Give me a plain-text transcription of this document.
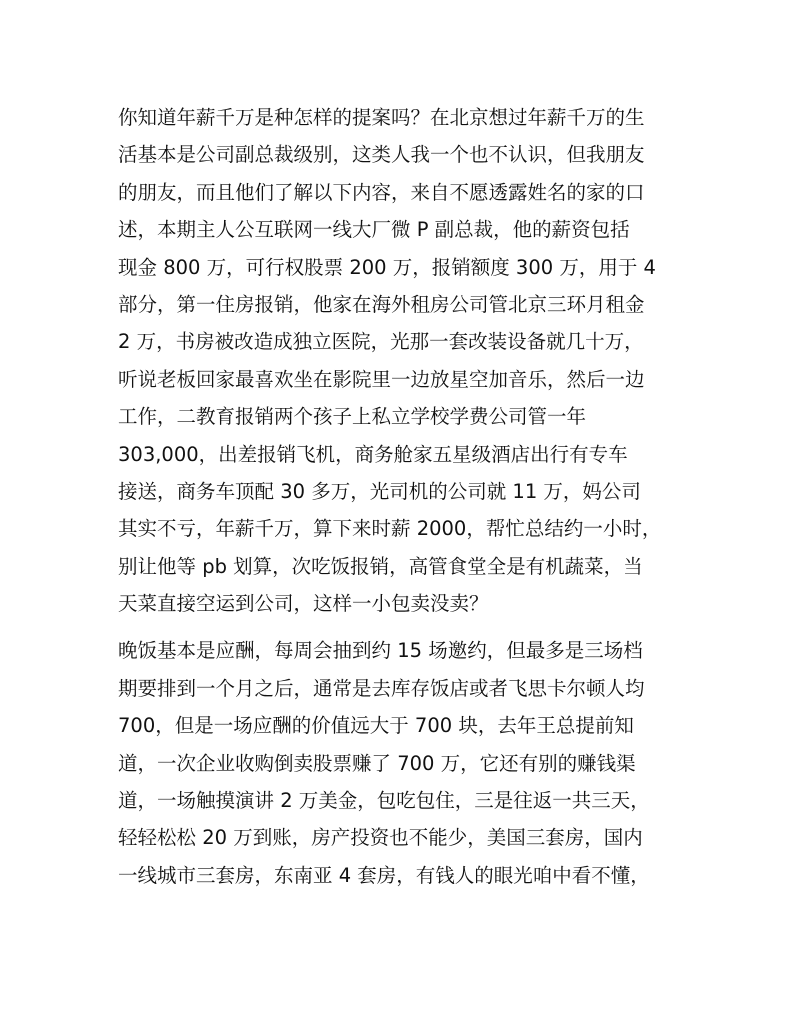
你知道年薪千万是种怎样的提案吗？在北京想过年薪千万的生
活基本是公司副总裁级别，这类人我一个也不认识，但我朋友
的朋友，而且他们了解以下内容，来自不愿透露姓名的家的口
述，本期主人公互联网一线大厂微 P 副总裁，他的薪资包括
现金 800 万，可行权股票 200 万，报销额度 300 万，用于 4
部分，第一住房报销，他家在海外租房公司管北京三环月租金
2 万，书房被改造成独立医院，光那一套改装设备就几十万，
听说老板回家最喜欢坐在影院里一边放星空加音乐，然后一边
工作，二教育报销两个孩子上私立学校学费公司管一年
303,000，出差报销飞机，商务舱家五星级酒店出行有专车
接送，商务车顶配 30 多万，光司机的公司就 11 万，妈公司
其实不亏，年薪千万，算下来时薪 2000，帮忙总结约一小时，
别让他等 pb 划算，次吃饭报销，高管食堂全是有机蔬菜，当
天菜直接空运到公司，这样一小包卖没卖？

晚饭基本是应酬，每周会抽到约 15 场邀约，但最多是三场档
期要排到一个月之后，通常是去库存饭店或者飞思卡尔顿人均
700，但是一场应酬的价值远大于 700 块，去年王总提前知
道，一次企业收购倒卖股票赚了 700 万，它还有别的赚钱渠
道，一场触摸演讲 2 万美金，包吃包住，三是往返一共三天，
轻轻松松 20 万到账，房产投资也不能少，美国三套房，国内
一线城市三套房，东南亚 4 套房，有钱人的眼光咱中看不懂，
